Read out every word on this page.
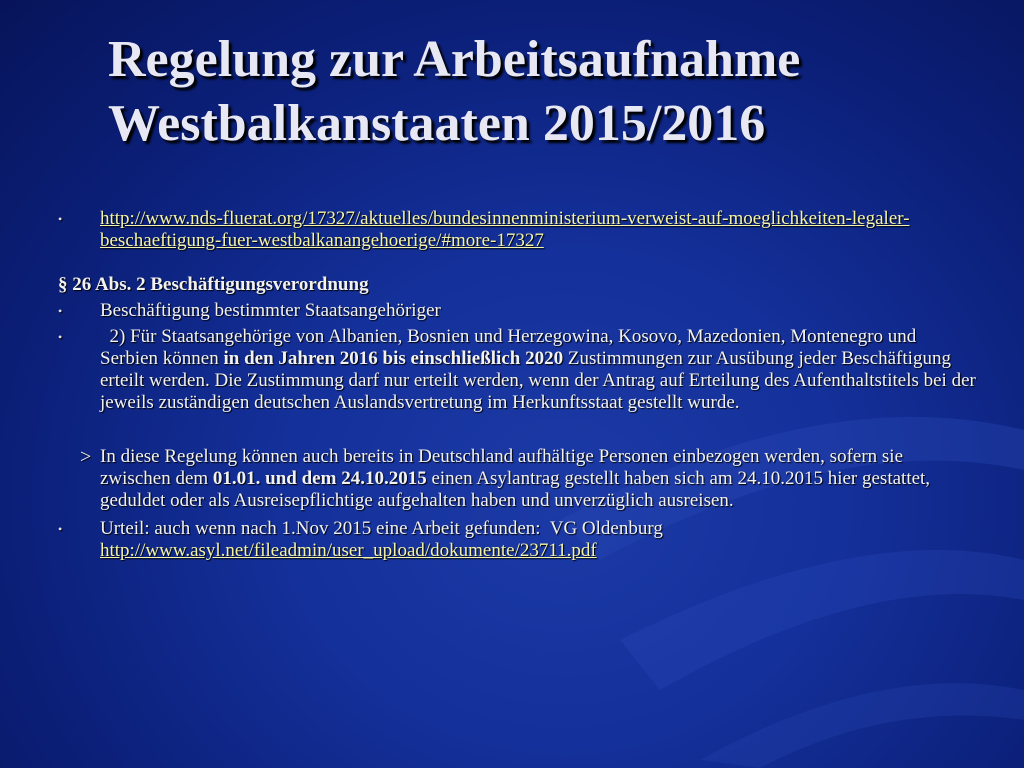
Regelung zur Arbeitsaufnahme

Westbalkanstaaten 2015/2016
• http://www.nds-fluerat.org/17327/aktuelles/bundesinnenministerium-verweist-auf-moeglichkeiten-legaler-beschaeftigung-fuer-westbalkanangehoerige/#more-17327
§ 26 Abs. 2 Beschäftigungsverordnung
• Beschäftigung bestimmter Staatsangehöriger
• 2) Für Staatsangehörige von Albanien, Bosnien und Herzegowina, Kosovo, Mazedonien, Montenegro und Serbien können in den Jahren 2016 bis einschließlich 2020 Zustimmungen zur Ausübung jeder Beschäftigung erteilt werden. Die Zustimmung darf nur erteilt werden, wenn der Antrag auf Erteilung des Aufenthaltstitels bei der jeweils zuständigen deutschen Auslandsvertretung im Herkunftsstaat gestellt wurde.
> In diese Regelung können auch bereits in Deutschland aufhältige Personen einbezogen werden, sofern sie  zwischen dem 01.01. und dem 24.10.2015 einen Asylantrag gestellt haben sich am 24.10.2015 hier gestattet, geduldet oder als Ausreisepflichtige aufgehalten haben und unverzüglich ausreisen.
• Urteil: auch wenn nach 1.Nov 2015 eine Arbeit gefunden:  VG Oldenburg http://www.asyl.net/fileadmin/user_upload/dokumente/23711.pdf
